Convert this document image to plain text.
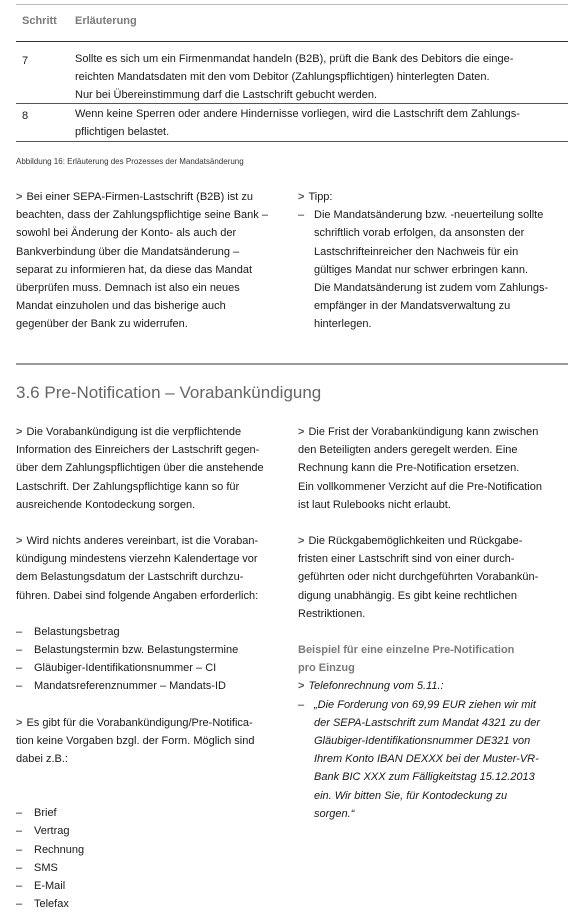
Schritt Erläuterung
7	Sollte es sich um ein Firmenmandat handeln (B2B), prüft die Bank des Debitors die einge-
reichten Mandatsdaten mit den vom Debitor (Zahlungspflichtigen) hinterlegten Daten.
Nur bei Übereinstimmung darf die Lastschrift gebucht werden.
8	Wenn keine Sperren oder andere Hindernisse vorliegen, wird die Lastschrift dem Zahlungs-
pflichtigen belastet.
Abbildung 16: Erläuterung des Prozesses der Mandatsänderung

> Bei einer SEPA-Firmen-Lastschrift (B2B) ist zu

beachten, dass der Zahlungspflichtige seine Bank –

sowohl bei Änderung der Konto- als auch der

Bankverbindung über die Mandatsänderung –

separat zu informieren hat, da diese das Mandat

überprüfen muss. Demnach ist also ein neues

Mandat einzuholen und das bisherige auch

gegenüber der Bank zu widerrufen.

> Tipp:

– Die Mandatsänderung bzw. -neuerteilung sollte

schriftlich vorab erfolgen, da ansonsten der

Lastschrifteinreicher den Nachweis für ein

gültiges Mandat nur schwer erbringen kann.

Die Mandatsänderung ist zudem vom Zahlungs-

empfänger in der Mandatsverwaltung zu

hinterlegen.

3.6 Pre-Notification – Vorabankündigung

> Die Vorabankündigung ist die verpflichtende

Information des Einreichers der Lastschrift gegen-

über dem Zahlungspflichtigen über die anstehende

Lastschrift. Der Zahlungspflichtige kann so für

ausreichende Kontodeckung sorgen.

> Wird nichts anderes vereinbart, ist die Voraban-

kündigung mindestens vierzehn Kalendertage vor

dem Belastungsdatum der Lastschrift durchzu-

führen. Dabei sind folgende Angaben erforderlich:

– Belastungsbetrag
– Belastungstermin bzw. Belastungstermine
– Gläubiger-Identifikationsnummer – CI
– Mandatsreferenznummer – Mandats-ID

> Es gibt für die Vorabankündigung/Pre-Notifica-

tion keine Vorgaben bzgl. der Form. Möglich sind

dabei z.B.:

– Brief
– Vertrag
– Rechnung
– SMS
– E-Mail
– Telefax

> Die Frist der Vorabankündigung kann zwischen

den Beteiligten anders geregelt werden. Eine

Rechnung kann die Pre-Notification ersetzen.

Ein vollkommener Verzicht auf die Pre-Notification

ist laut Rulebooks nicht erlaubt.

> Die Rückgabemöglichkeiten und Rückgabe-

fristen einer Lastschrift sind von einer durch-

geführten oder nicht durchgeführten Vorabankün-

digung unabhängig. Es gibt keine rechtlichen

Restriktionen.

Beispiel für eine einzelne Pre-Notification

pro Einzug

> Telefonrechnung vom 5.11.:

– „Die Forderung von 69,99 EUR ziehen wir mit

der SEPA-Lastschrift zum Mandat 4321 zu der

Gläubiger-Identifikationsnummer DE321 von

Ihrem Konto IBAN DEXXX bei der Muster-VR-

Bank BIC XXX zum Fälligkeitstag 15.12.2013

ein. Wir bitten Sie, für Kontodeckung zu

sorgen.“
